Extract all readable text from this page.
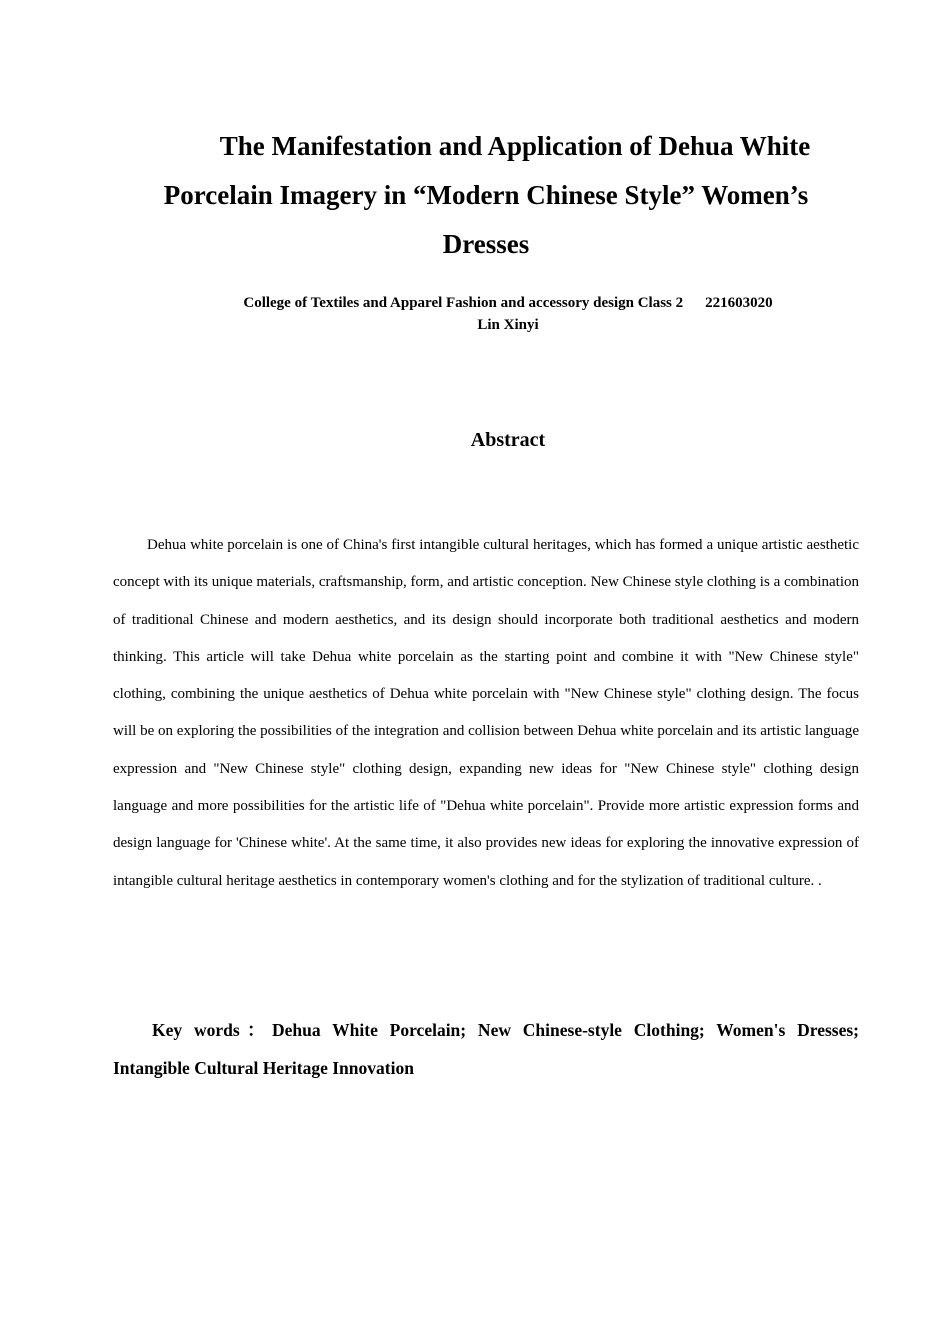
The Manifestation and Application of Dehua White Porcelain Imagery in “Modern Chinese Style” Women’s Dresses
College of Textiles and Apparel Fashion and accessory design Class 2 221603020
Lin Xinyi
Abstract

Dehua white porcelain is one of China's first intangible cultural heritages, which has formed a unique artistic aesthetic concept with its unique materials, craftsmanship, form, and artistic conception. New Chinese style clothing is a combination of traditional Chinese and modern aesthetics, and its design should incorporate both traditional aesthetics and modern thinking. This article will take Dehua white porcelain as the starting point and combine it with "New Chinese style" clothing, combining the unique aesthetics of Dehua white porcelain with "New Chinese style" clothing design. The focus will be on exploring the possibilities of the integration and collision between Dehua white porcelain and its artistic language expression and "New Chinese style" clothing design, expanding new ideas for "New Chinese style" clothing design language and more possibilities for the artistic life of "Dehua white porcelain". Provide more artistic expression forms and design language for 'Chinese white'. At the same time, it also provides new ideas for exploring the innovative expression of intangible cultural heritage aesthetics in contemporary women's clothing and for the stylization of traditional culture. .

Key words：Dehua White Porcelain; New Chinese-style Clothing; Women's Dresses; Intangible Cultural Heritage Innovation
